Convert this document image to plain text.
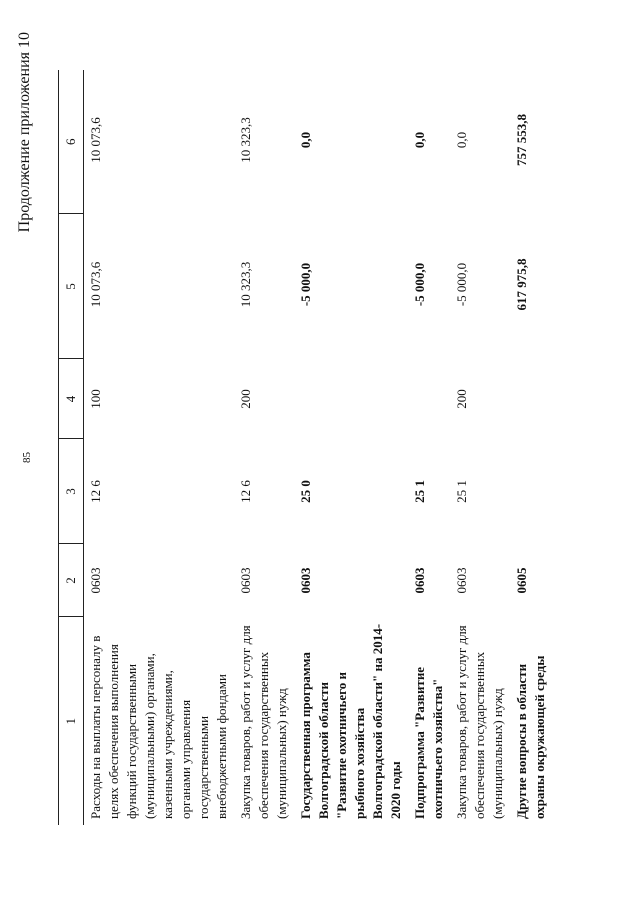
85
Продолжение приложения 10
1	2	3	4	5	6
Расходы на выплаты персоналу в целях обеспечения выполнения функций государственными (муниципальными) органами, казенными учреждениями, органами управления государственными внебюджетными фондами	0603	12 6	100	10 073,6	10 073,6
Закупка товаров, работ и услуг для обеспечения государственных (муниципальных) нужд	0603	12 6	200	10 323,3	10 323,3
Государственная программа Волгоградской области "Развитие охотничьего и рыбного хозяйства Волгоградской области" на 2014-2020 годы	0603	25 0		-5 000,0	0,0
Подпрограмма "Развитие охотничьего хозяйства"	0603	25 1		-5 000,0	0,0
Закупка товаров, работ и услуг для обеспечения государственных (муниципальных) нужд	0603	25 1	200	-5 000,0	0,0
Другие вопросы в области охраны окружающей среды	0605			617 975,8	757 553,8
